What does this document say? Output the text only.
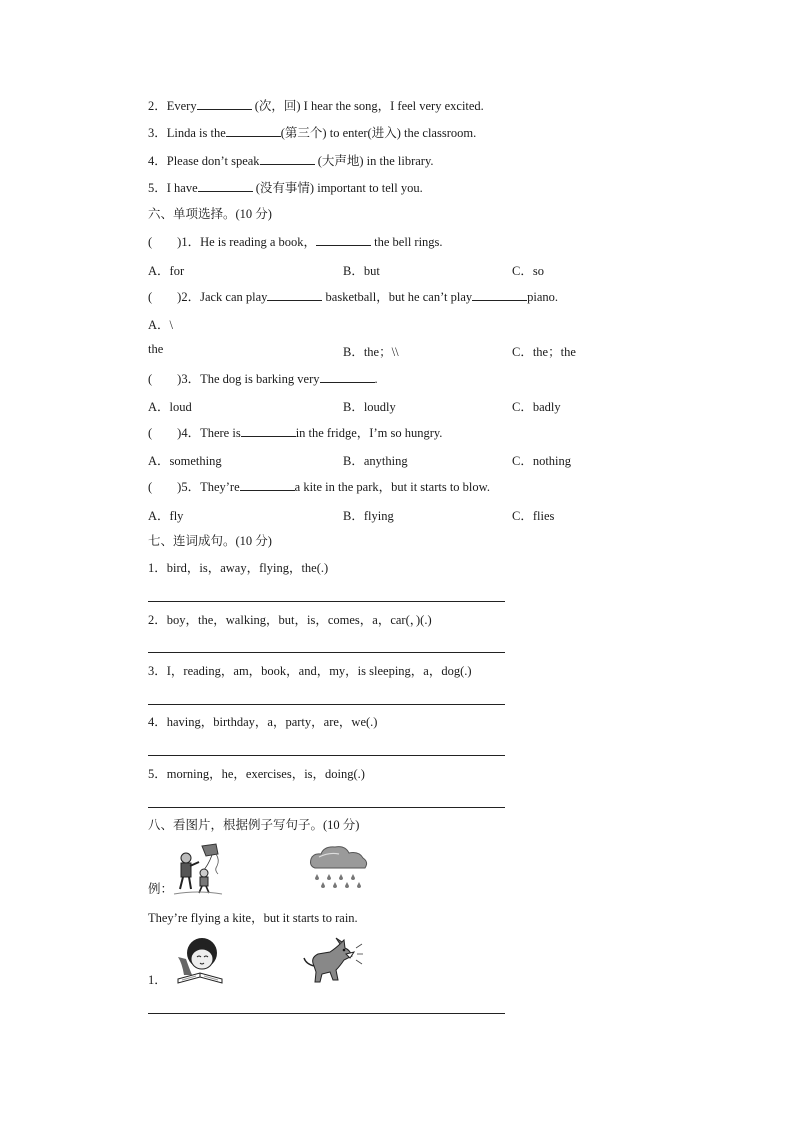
2．Every	(次，回) I hear the song，I feel very excited.
3．Linda is the	(第三个) to enter(进入) the classroom.
4．Please don’t speak	(大声地) in the library.
5．I have	(没有事情) important to tell you.
六、单项选择。(10 分)
(　　)1．He is reading a book，	the bell rings.
A．for	B．but	C．so
(　　)2．Jack can play	basketball，but he can’t play	piano.
A．\
the	B．the；\\	C．the；the
(　　)3．The dog is barking very	.
A．loud	B．loudly	C．badly
(　　)4．There is	in the fridge，I’m so hungry.
A．something	B．anything	C．nothing
(　　)5．They’re	a kite in the park，but it starts to blow.
A．fly	B．flying	C．flies
七、连词成句。(10 分)
1．bird，is，away，flying，the(.)
2．boy，the，walking，but，is，comes，a，car(，)(.)
3．I，reading，am，book，and，my，is sleeping，a，dog(.)
4．having，birthday，a，party，are，we(.)
5．morning，he，exercises，is，doing(.)
八、看图片，根据例子写句子。(10 分)
例：
They’re flying a kite，but it starts to rain.
1．
